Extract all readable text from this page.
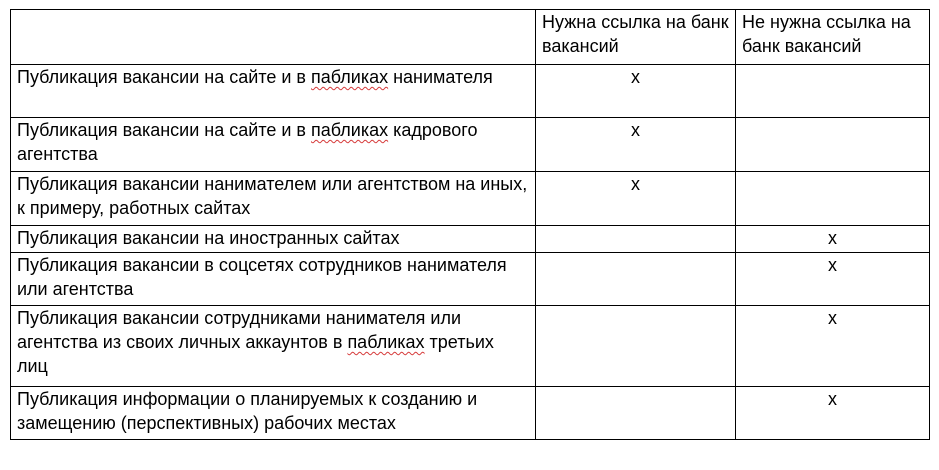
	Нужна ссылка на банк вакансий	Не нужна ссылка на банк вакансий
Публикация вакансии на сайте и в пабликах нанимателя	x	
Публикация вакансии на сайте и в пабликах кадрового агентства	x	
Публикация вакансии нанимателем или агентством на иных, к примеру, работных сайтах	x	
Публикация вакансии на иностранных сайтах		x
Публикация вакансии в соцсетях сотрудников нанимателя или агентства		x
Публикация вакансии сотрудниками нанимателя или агентства из своих личных аккаунтов в пабликах третьих лиц		x
Публикация информации о планируемых к созданию и замещению (перспективных) рабочих местах		x
